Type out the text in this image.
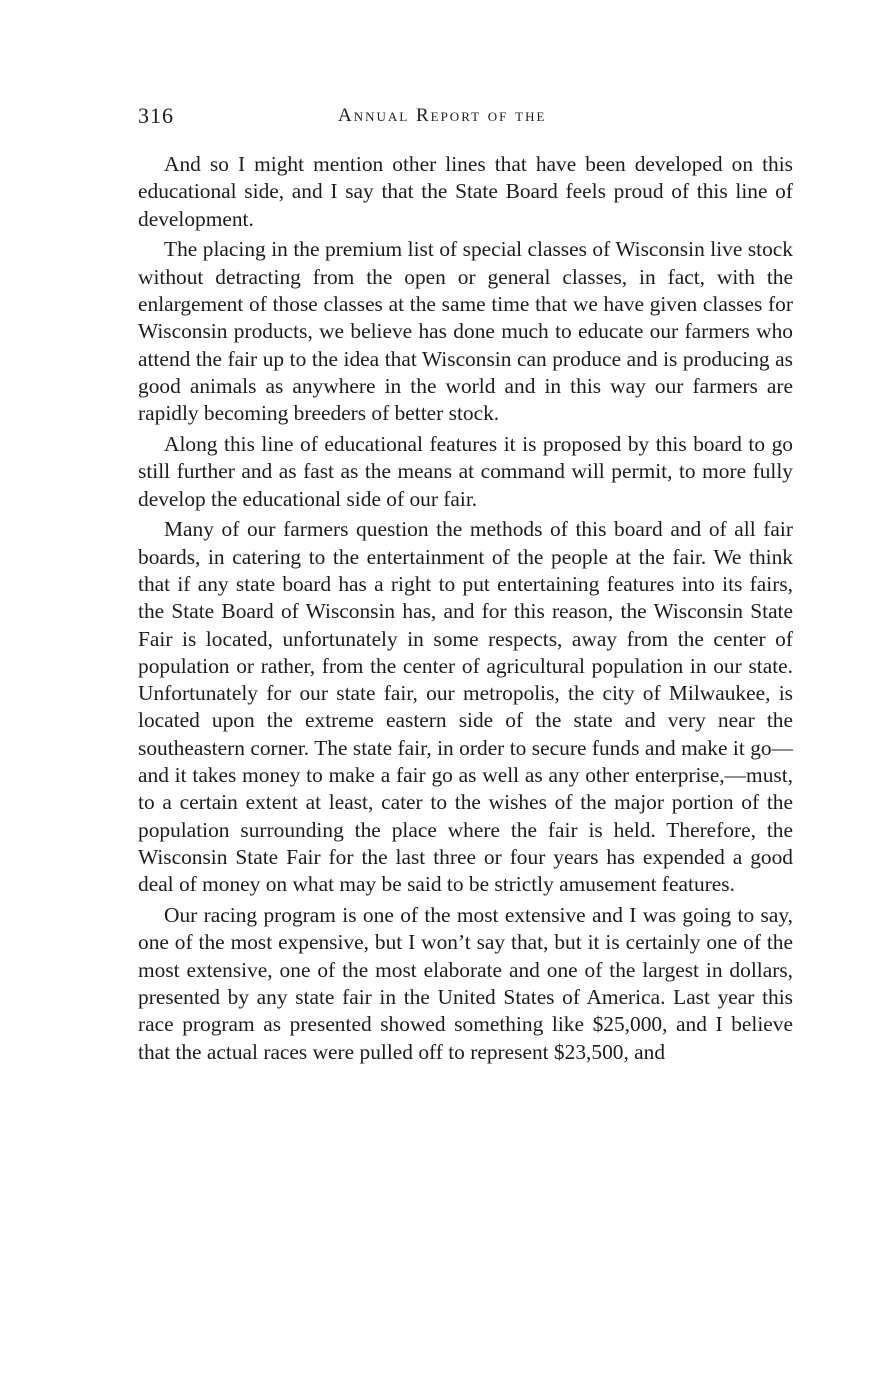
316	Annual Report of the

And so I might mention other lines that have been developed on this educational side, and I say that the State Board feels proud of this line of development.

The placing in the premium list of special classes of Wisconsin live stock without detracting from the open or general classes, in fact, with the enlargement of those classes at the same time that we have given classes for Wisconsin products, we believe has done much to educate our farmers who attend the fair up to the idea that Wisconsin can produce and is producing as good animals as anywhere in the world and in this way our farmers are rapidly becoming breeders of better stock.

Along this line of educational features it is proposed by this board to go still further and as fast as the means at command will permit, to more fully develop the educational side of our fair.

Many of our farmers question the methods of this board and of all fair boards, in catering to the entertainment of the people at the fair. We think that if any state board has a right to put entertaining features into its fairs, the State Board of Wisconsin has, and for this reason, the Wisconsin State Fair is located, unfortunately in some respects, away from the center of population or rather, from the center of agricultural population in our state. Unfortunately for our state fair, our metropolis, the city of Milwaukee, is located upon the extreme eastern side of the state and very near the southeastern corner. The state fair, in order to secure funds and make it go—and it takes money to make a fair go as well as any other enterprise,—must, to a certain extent at least, cater to the wishes of the major portion of the population surrounding the place where the fair is held. Therefore, the Wisconsin State Fair for the last three or four years has expended a good deal of money on what may be said to be strictly amusement features.

Our racing program is one of the most extensive and I was going to say, one of the most expensive, but I won’t say that, but it is certainly one of the most extensive, one of the most elaborate and one of the largest in dollars, presented by any state fair in the United States of America. Last year this race program as presented showed something like $25,000, and I believe that the actual races were pulled off to represent $23,500, and
